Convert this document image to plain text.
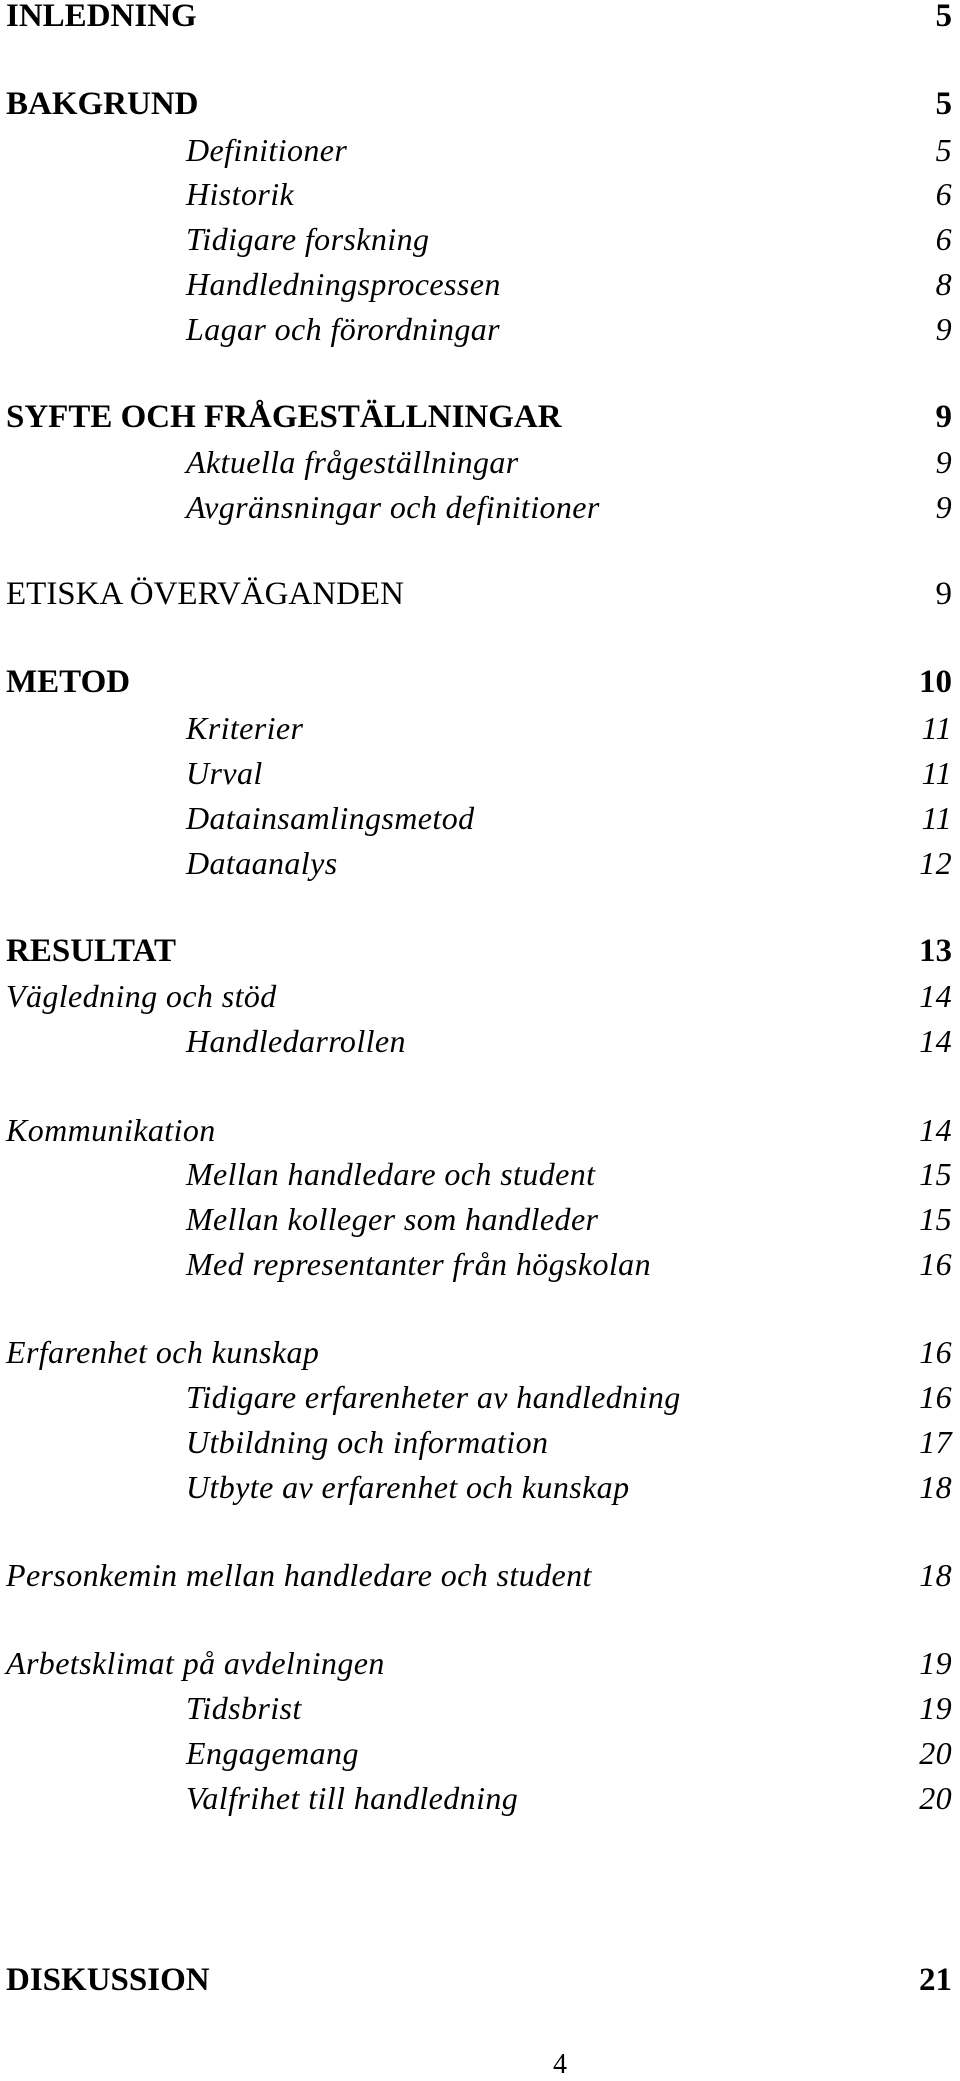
INLEDNING	5
BAKGRUND	5
Definitioner	5
Historik	6
Tidigare forskning	6
Handledningsprocessen	8
Lagar och förordningar	9
SYFTE OCH FRÅGESTÄLLNINGAR	9
Aktuella frågeställningar	9
Avgränsningar och definitioner	9
ETISKA ÖVERVÄGANDEN	9
METOD	10
Kriterier	11
Urval	11
Datainsamlingsmetod	11
Dataanalys	12
RESULTAT	13
Vägledning och stöd	14
Handledarrollen	14
Kommunikation	14
Mellan handledare och student	15
Mellan kolleger som handleder	15
Med representanter från högskolan	16
Erfarenhet och kunskap	16
Tidigare erfarenheter av handledning	16
Utbildning och information	17
Utbyte av erfarenhet och kunskap	18
Personkemin mellan handledare och student	18
Arbetsklimat på avdelningen	19
Tidsbrist	19
Engagemang	20
Valfrihet till handledning	20
DISKUSSION	21
4
